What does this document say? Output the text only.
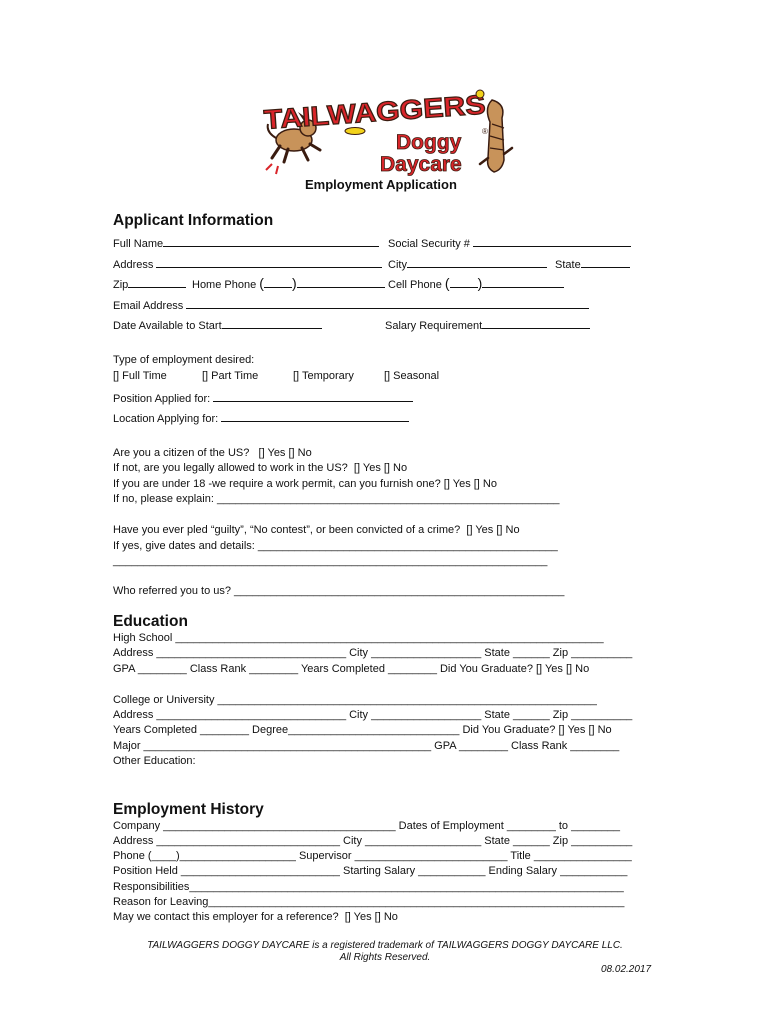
TAILWAGGERS	®
Doggy
Daycare
Employment Application
Applicant Information
Full Name	Social Security #
Address	City	State
Zip	Home Phone ( )	Cell Phone ( )
Email Address
Date Available to Start	Salary Requirement
Type of employment desired:
[] Full Time	[] Part Time	[] Temporary	[] Seasonal
Position Applied for:
Location Applying for:
Are you a citizen of the US?   [] Yes [] No
If not, are you legally allowed to work in the US?  [] Yes [] No
If you are under 18 -we require a work permit, can you furnish one? [] Yes [] No
If no, please explain: ________________________________________________________
Have you ever pled “guilty”, “No contest”, or been convicted of a crime?  [] Yes [] No
If yes, give dates and details: _________________________________________________
_______________________________________________________________________
Who referred you to us? ______________________________________________________
Education
High School ______________________________________________________________________
Address _______________________________ City __________________ State ______ Zip __________
GPA ________ Class Rank ________ Years Completed ________ Did You Graduate? [] Yes [] No
College or University ______________________________________________________________
Address _______________________________ City __________________ State ______ Zip __________
Years Completed ________ Degree____________________________ Did You Graduate? [] Yes [] No
Major _______________________________________________ GPA ________ Class Rank ________
Other Education:
Employment History
Company ______________________________________ Dates of Employment ________ to ________
Address ______________________________ City ___________________ State ______ Zip __________
Phone (____)___________________ Supervisor _________________________ Title ________________
Position Held __________________________ Starting Salary ___________ Ending Salary ___________
Responsibilities_______________________________________________________________________
Reason for Leaving____________________________________________________________________
May we contact this employer for a reference?  [] Yes [] No
TAILWAGGERS DOGGY DAYCARE is a registered trademark of TAILWAGGERS DOGGY DAYCARE LLC.
All Rights Reserved.
08.02.2017
